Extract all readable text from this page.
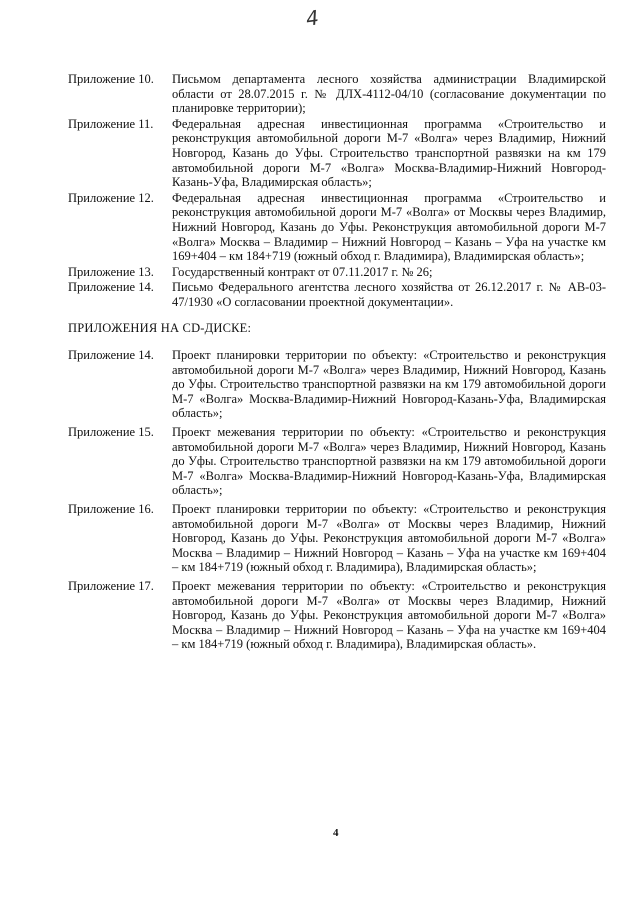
4
Приложение 10.	Письмом департамента лесного хозяйства администрации Владимирской области от 28.07.2015 г. № ДЛХ-4112-04/10 (согласование документации по планировке территории);
Приложение 11.	Федеральная адресная инвестиционная программа «Строительство и реконструкция автомобильной дороги М-7 «Волга» через Владимир, Нижний Новгород, Казань до Уфы. Строительство транспортной развязки на км 179 автомобильной дороги М-7 «Волга» Москва-Владимир-Нижний Новгород-Казань-Уфа, Владимирская область»;
Приложение 12.	Федеральная адресная инвестиционная программа «Строительство и реконструкция автомобильной дороги М-7 «Волга» от Москвы через Владимир, Нижний Новгород, Казань до Уфы. Реконструкция автомобильной дороги М-7 «Волга» Москва – Владимир – Нижний Новгород – Казань – Уфа на участке км 169+404 – км 184+719 (южный обход г. Владимира), Владимирская область»;
Приложение 13.	Государственный контракт от 07.11.2017 г. № 26;
Приложение 14.	Письмо Федерального агентства лесного хозяйства от 26.12.2017 г. № АВ-03-47/1930 «О согласовании проектной документации».
ПРИЛОЖЕНИЯ НА CD-ДИСКЕ:
Приложение 14.	Проект планировки территории по объекту: «Строительство и реконструкция автомобильной дороги М-7 «Волга» через Владимир, Нижний Новгород, Казань до Уфы. Строительство транспортной развязки на км 179 автомобильной дороги М-7 «Волга» Москва-Владимир-Нижний Новгород-Казань-Уфа, Владимирская область»;
Приложение 15.	Проект межевания территории по объекту: «Строительство и реконструкция автомобильной дороги М-7 «Волга» через Владимир, Нижний Новгород, Казань до Уфы. Строительство транспортной развязки на км 179 автомобильной дороги М-7 «Волга» Москва-Владимир-Нижний Новгород-Казань-Уфа, Владимирская область»;
Приложение 16.	Проект планировки территории по объекту: «Строительство и реконструкция автомобильной дороги М-7 «Волга» от Москвы через Владимир, Нижний Новгород, Казань до Уфы. Реконструкция автомобильной дороги М-7 «Волга» Москва – Владимир – Нижний Новгород – Казань – Уфа на участке км 169+404 – км 184+719 (южный обход г. Владимира), Владимирская область»;
Приложение 17.	Проект межевания территории по объекту: «Строительство и реконструкция автомобильной дороги М-7 «Волга» от Москвы через Владимир, Нижний Новгород, Казань до Уфы. Реконструкция автомобильной дороги М-7 «Волга» Москва – Владимир – Нижний Новгород – Казань – Уфа на участке км 169+404 – км 184+719 (южный обход г. Владимира), Владимирская область».
4
